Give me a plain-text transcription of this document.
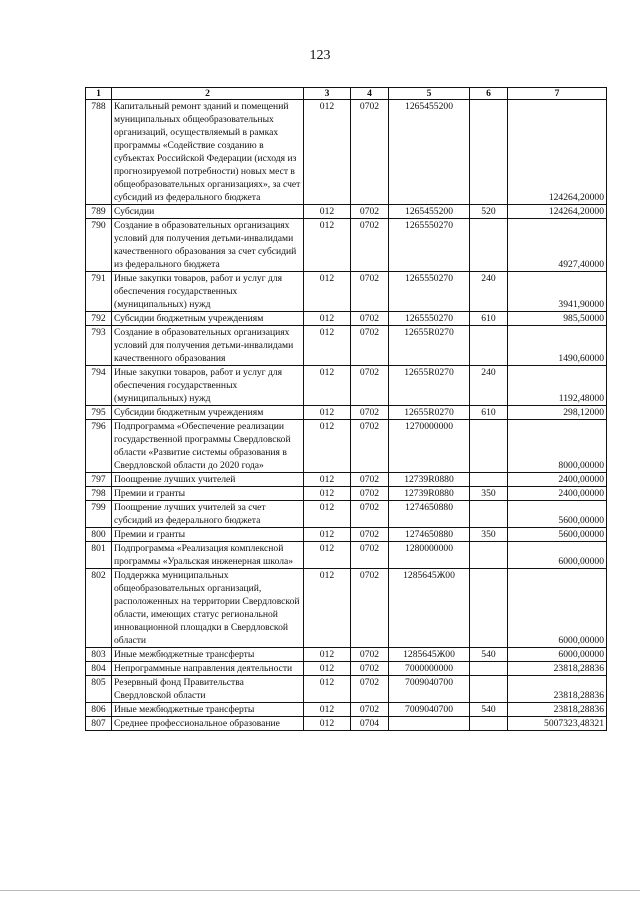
123
1	2	3	4	5	6	7
788	Капитальный ремонт зданий и помещений муниципальных общеобразовательных организаций, осуществляемый в рамках программы «Содействие созданию в субъектах Российской Федерации (исходя из прогнозируемой потребности) новых мест в общеобразовательных организациях», за счет субсидий из федерального бюджета	012	0702	1265455200		124264,20000
789	Субсидии	012	0702	1265455200	520	124264,20000
790	Создание в образовательных организациях условий для получения детьми-инвалидами качественного образования за счет субсидий из федерального бюджета	012	0702	1265550270		4927,40000
791	Иные закупки товаров, работ и услуг для обеспечения государственных (муниципальных) нужд	012	0702	1265550270	240	3941,90000
792	Субсидии бюджетным учреждениям	012	0702	1265550270	610	985,50000
793	Создание в образовательных организациях условий для получения детьми-инвалидами качественного образования	012	0702	12655R0270		1490,60000
794	Иные закупки товаров, работ и услуг для обеспечения государственных (муниципальных) нужд	012	0702	12655R0270	240	1192,48000
795	Субсидии бюджетным учреждениям	012	0702	12655R0270	610	298,12000
796	Подпрограмма «Обеспечение реализации государственной программы Свердловской области «Развитие системы образования в Свердловской области до 2020 года»	012	0702	1270000000		8000,00000
797	Поощрение лучших учителей	012	0702	12739R0880		2400,00000
798	Премии и гранты	012	0702	12739R0880	350	2400,00000
799	Поощрение лучших учителей за счет субсидий из федерального бюджета	012	0702	1274650880		5600,00000
800	Премии и гранты	012	0702	1274650880	350	5600,00000
801	Подпрограмма «Реализация комплексной программы «Уральская инженерная школа»	012	0702	1280000000		6000,00000
802	Поддержка муниципальных общеобразовательных организаций, расположенных на территории Свердловской области, имеющих статус региональной инновационной площадки в Свердловской области	012	0702	1285645Ж00		6000,00000
803	Иные межбюджетные трансферты	012	0702	1285645Ж00	540	6000,00000
804	Непрограммные направления деятельности	012	0702	7000000000		23818,28836
805	Резервный фонд Правительства Свердловской области	012	0702	7009040700		23818,28836
806	Иные межбюджетные трансферты	012	0702	7009040700	540	23818,28836
807	Среднее профессиональное образование	012	0704			5007323,48321
